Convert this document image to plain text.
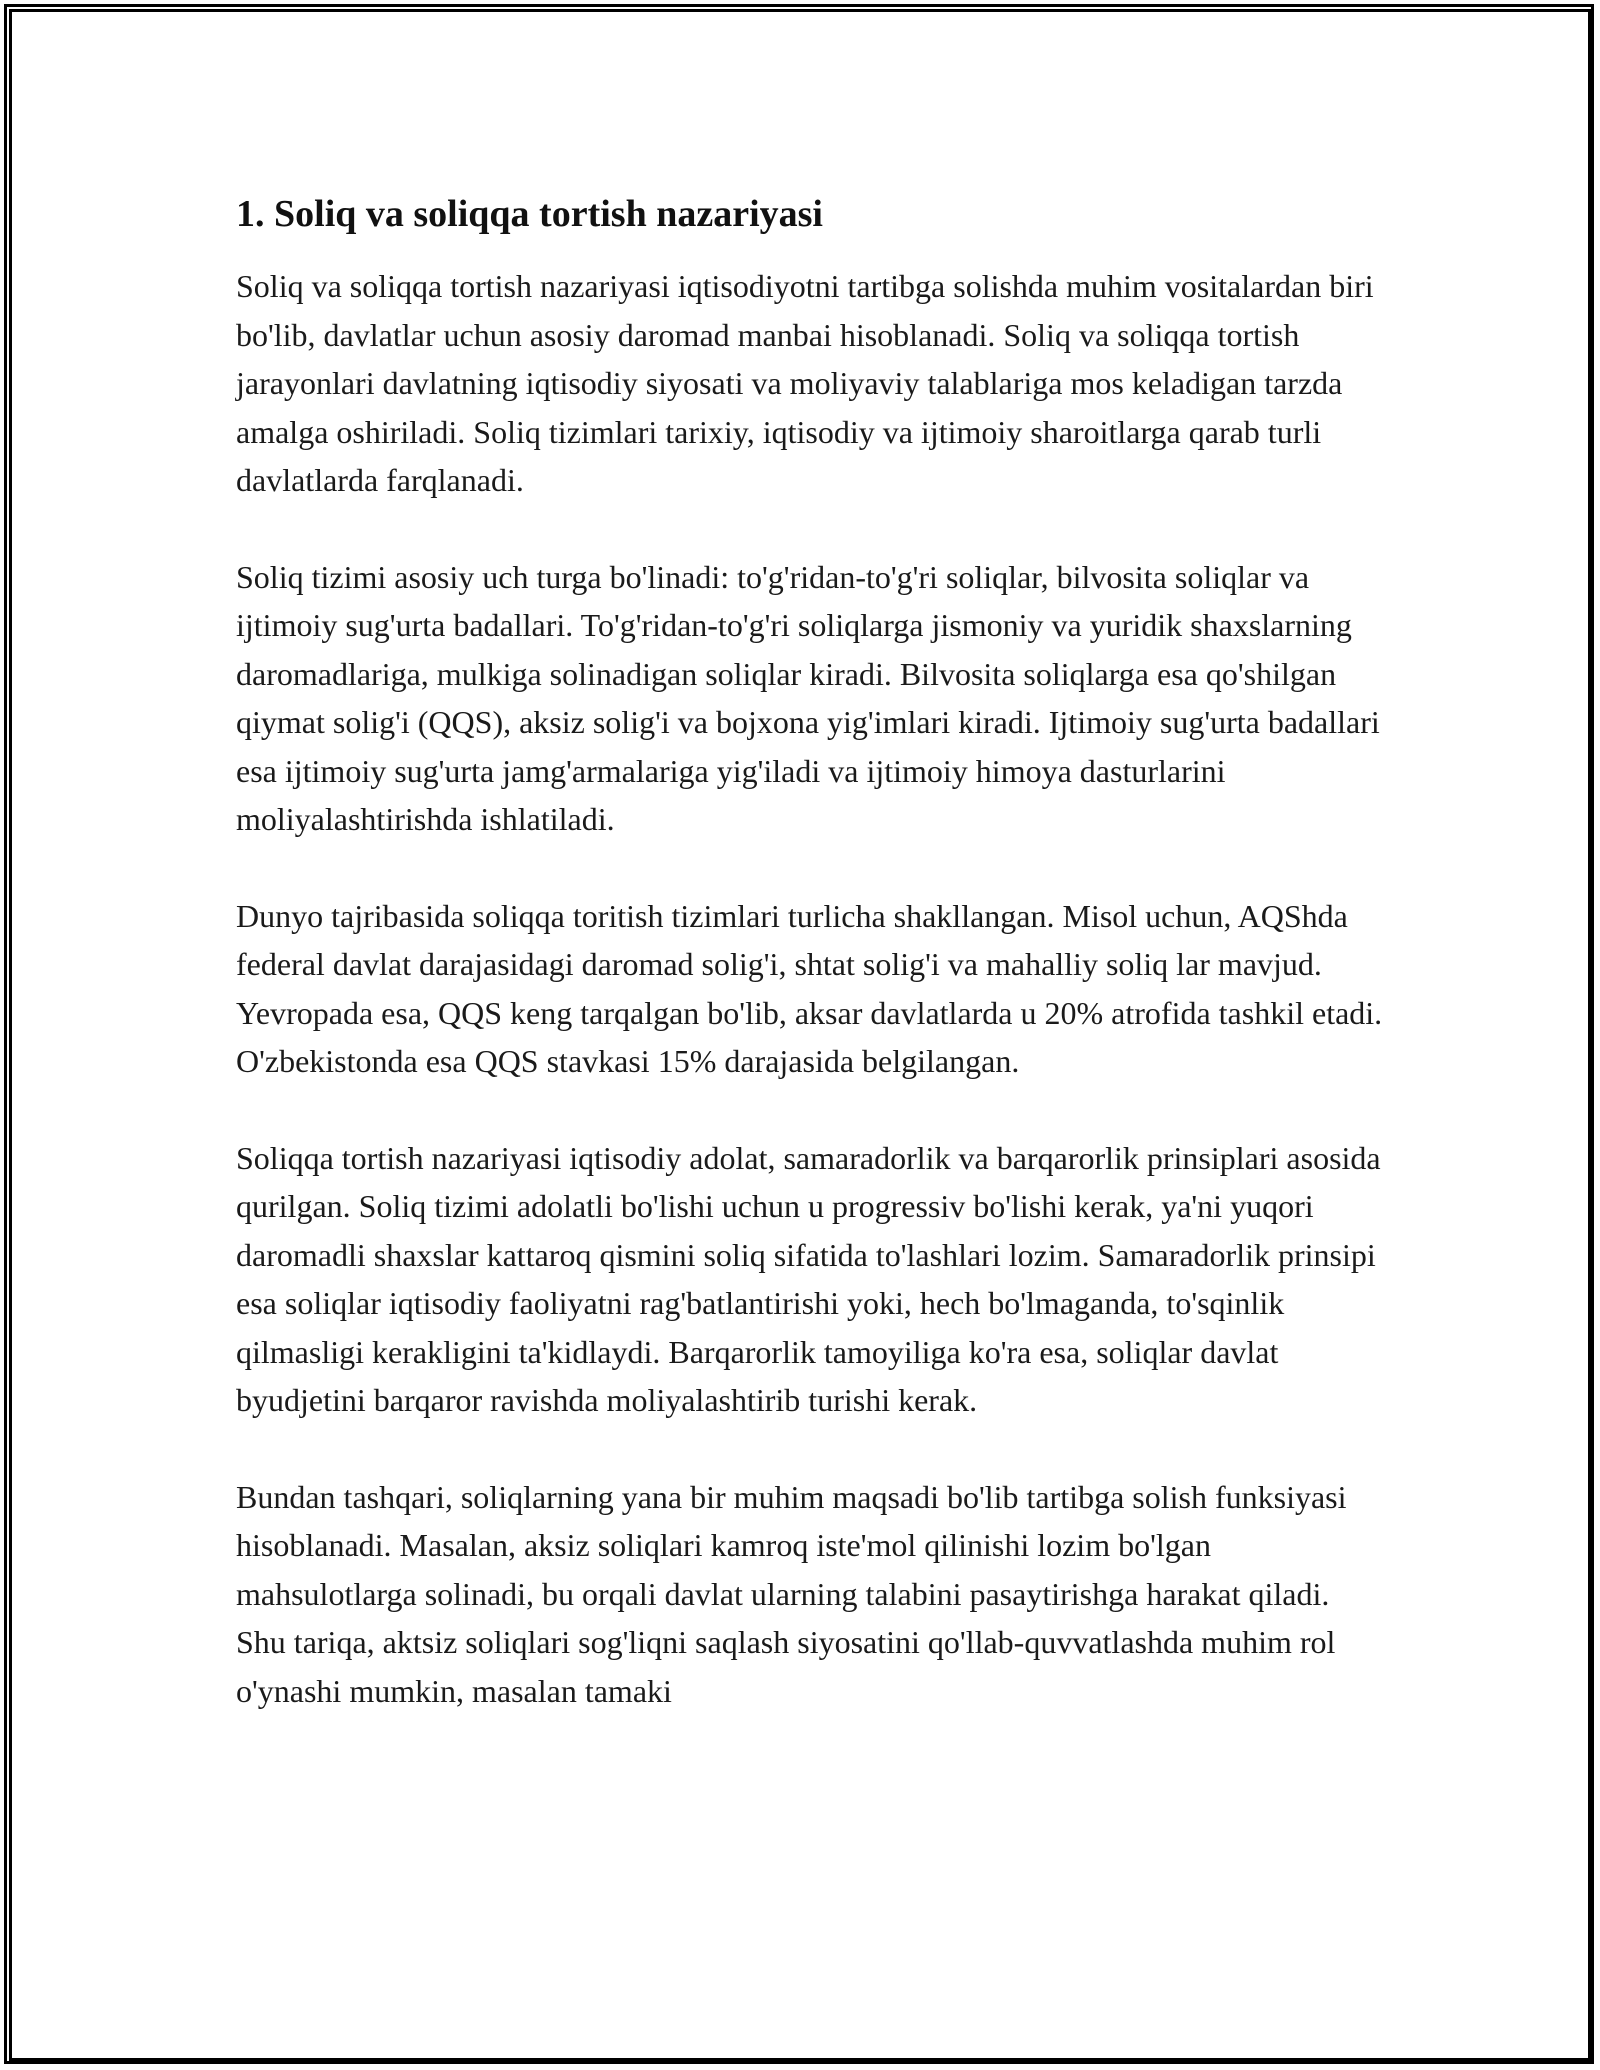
1. Soliq va soliqqa tortish nazariyasi

Soliq va soliqqa tortish nazariyasi iqtisodiyotni tartibga solishda muhim vositalardan biri bo'lib, davlatlar uchun asosiy daromad manbai hisoblanadi. Soliq va soliqqa tortish jarayonlari davlatning iqtisodiy siyosati va moliyaviy talablariga mos keladigan tarzda amalga oshiriladi. Soliq tizimlari tarixiy, iqtisodiy va ijtimoiy sharoitlarga qarab turli davlatlarda farqlanadi.

Soliq tizimi asosiy uch turga bo'linadi: to'g'ridan-to'g'ri soliqlar, bilvosita soliqlar va ijtimoiy sug'urta badallari. To'g'ridan-to'g'ri soliqlarga jismoniy va yuridik shaxslarning daromadlariga, mulkiga solinadigan soliqlar kiradi. Bilvosita soliqlarga esa qo'shilgan qiymat solig'i (QQS), aksiz solig'i va bojxona yig'imlari kiradi. Ijtimoiy sug'urta badallari esa ijtimoiy sug'urta jamg'armalariga yig'iladi va ijtimoiy himoya dasturlarini moliyalashtirishda ishlatiladi.

Dunyo tajribasida soliqqa toritish tizimlari turlicha shakllangan. Misol uchun, AQShda federal davlat darajasidagi daromad solig'i, shtat solig'i va mahalliy soliq lar mavjud. Yevropada esa, QQS keng tarqalgan bo'lib, aksar davlatlarda u 20% atrofida tashkil etadi. O'zbekistonda esa QQS stavkasi 15% darajasida belgilangan.

Soliqqa tortish nazariyasi iqtisodiy adolat, samaradorlik va barqarorlik prinsiplari asosida qurilgan. Soliq tizimi adolatli bo'lishi uchun u progressiv bo'lishi kerak, ya'ni yuqori daromadli shaxslar kattaroq qismini soliq sifatida to'lashlari lozim. Samaradorlik prinsipi esa soliqlar iqtisodiy faoliyatni rag'batlantirishi yoki, hech bo'lmaganda, to'sqinlik qilmasligi kerakligini ta'kidlaydi. Barqarorlik tamoyiliga ko'ra esa, soliqlar davlat byudjetini barqaror ravishda moliyalashtirib turishi kerak.

Bundan tashqari, soliqlarning yana bir muhim maqsadi bo'lib tartibga solish funksiyasi hisoblanadi. Masalan, aksiz soliqlari kamroq iste'mol qilinishi lozim bo'lgan mahsulotlarga solinadi, bu orqali davlat ularning talabini pasaytirishga harakat qiladi. Shu tariqa, aktsiz soliqlari sog'liqni saqlash siyosatini qo'llab-quvvatlashda muhim rol o'ynashi mumkin, masalan tamaki
